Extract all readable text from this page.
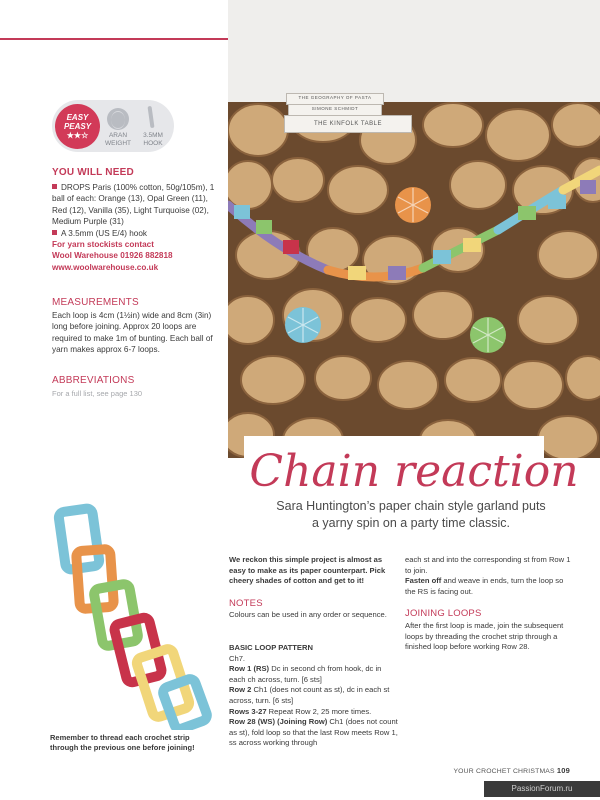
EASY
PEASY
★★☆	ARAN
WEIGHT
3.5MM
HOOK
YOU WILL NEED
DROPS Paris (100% cotton, 50g/105m), 1 ball of each: Orange (13), Opal Green (11), Red (12), Vanilla (35), Light Turquoise (02), Medium Purple (31)
A 3.5mm (US E/4) hook
For yarn stockists contact
Wool Warehouse 01926 882818
www.woolwarehouse.co.uk
MEASUREMENTS
Each loop is 4cm (1½in) wide and 8cm (3in) long before joining. Approx 20 loops are required to make 1m of bunting. Each ball of yarn makes approx 6-7 loops.
ABBREVIATIONS
For a full list, see page 130
THE GEOGRAPHY OF PASTA
SIMONE SCHMIDT
THE KINFOLK TABLE
Chain reaction
Sara Huntington’s paper chain style garland puts
a yarny spin on a party time classic.
Remember to thread each crochet strip through the previous one before joining!
We reckon this simple project is almost as easy to make as its paper counterpart. Pick cheery shades of cotton and get to it!
NOTES
Colours can be used in any order or sequence.
BASIC LOOP PATTERN
Ch7.
Row 1 (RS) Dc in second ch from hook, dc in each ch across, turn. [6 sts]
Row 2 Ch1 (does not count as st), dc in each st across, turn. [6 sts]
Rows 3-27 Repeat Row 2, 25 more times.
Row 28 (WS) (Joining Row) Ch1 (does not count as st), fold loop so that the last Row meets Row 1, ss across working through
each st and into the corresponding st from Row 1 to join.
Fasten off and weave in ends, turn the loop so the RS is facing out.
JOINING LOOPS
After the first loop is made, join the subsequent loops by threading the crochet strip through a finished loop before working Row 28.
YOUR CROCHET CHRISTMAS 109
PassionForum.ru
